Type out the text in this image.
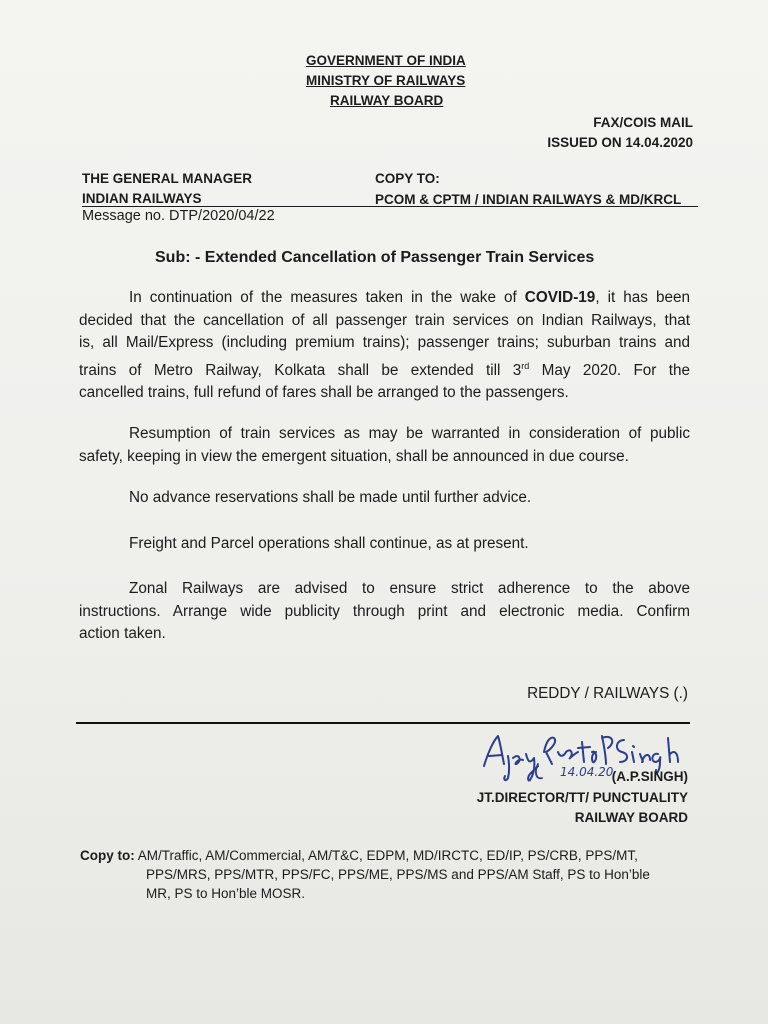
GOVERNMENT OF INDIA
MINISTRY OF RAILWAYS
RAILWAY BOARD
FAX/COIS MAIL
ISSUED ON 14.04.2020
THE GENERAL MANAGER
INDIAN RAILWAYS
Message no. DTP/2020/04/22
COPY TO:
PCOM & CPTM / INDIAN RAILWAYS & MD/KRCL
Sub: - Extended Cancellation of Passenger Train Services
In continuation of the measures taken in the wake of COVID-19, it has been
decided that the cancellation of all passenger train services on Indian Railways, that
is, all Mail/Express (including premium trains); passenger trains; suburban trains and
trains of Metro Railway, Kolkata shall be extended till 3rd May 2020. For the
cancelled trains, full refund of fares shall be arranged to the passengers.
Resumption of train services as may be warranted in consideration of public
safety, keeping in view the emergent situation, shall be announced in due course.
No advance reservations shall be made until further advice.
Freight and Parcel operations shall continue, as at present.
Zonal Railways are advised to ensure strict adherence to the above
instructions. Arrange wide publicity through print and electronic media. Confirm
action taken.
REDDY / RAILWAYS (.)
14.04.20
(A.P.SINGH)
JT.DIRECTOR/TT/ PUNCTUALITY
RAILWAY BOARD
Copy to: AM/Traffic, AM/Commercial, AM/T&C, EDPM, MD/IRCTC, ED/IP, PS/CRB, PPS/MT,
PPS/MRS, PPS/MTR, PPS/FC, PPS/ME, PPS/MS and PPS/AM Staff, PS to Hon’ble
MR, PS to Hon’ble MOSR.
